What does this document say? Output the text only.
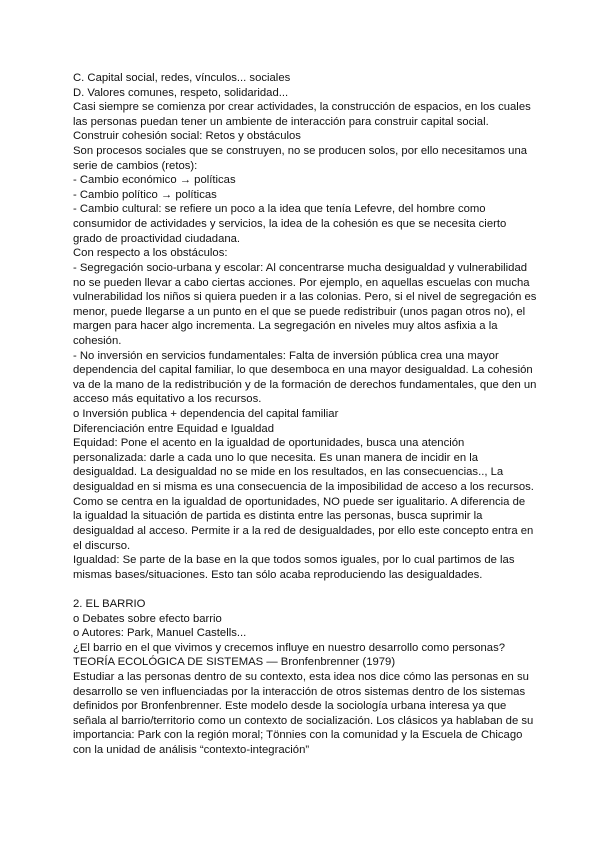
C. Capital social, redes, vínculos... sociales
D. Valores comunes, respeto, solidaridad...
Casi siempre se comienza por crear actividades, la construcción de espacios, en los cuales
las personas puedan tener un ambiente de interacción para construir capital social.
Construir cohesión social: Retos y obstáculos
Son procesos sociales que se construyen, no se producen solos, por ello necesitamos una
serie de cambios (retos):
- Cambio económico → políticas
- Cambio político → políticas
- Cambio cultural: se refiere un poco a la idea que tenía Lefevre, del hombre como
consumidor de actividades y servicios, la idea de la cohesión es que se necesita cierto
grado de proactividad ciudadana.
Con respecto a los obstáculos:
- Segregación socio-urbana y escolar: Al concentrarse mucha desigualdad y vulnerabilidad
no se pueden llevar a cabo ciertas acciones. Por ejemplo, en aquellas escuelas con mucha
vulnerabilidad los niños si quiera pueden ir a las colonias. Pero, si el nivel de segregación es
menor, puede llegarse a un punto en el que se puede redistribuir (unos pagan otros no), el
margen para hacer algo incrementa. La segregación en niveles muy altos asfixia a la
cohesión.
- No inversión en servicios fundamentales: Falta de inversión pública crea una mayor
dependencia del capital familiar, lo que desemboca en una mayor desigualdad. La cohesión
va de la mano de la redistribución y de la formación de derechos fundamentales, que den un
acceso más equitativo a los recursos.
o Inversión publica + dependencia del capital familiar
Diferenciación entre Equidad e Igualdad
Equidad: Pone el acento en la igualdad de oportunidades, busca una atención
personalizada: darle a cada uno lo que necesita. Es unan manera de incidir en la
desigualdad. La desigualdad no se mide en los resultados, en las consecuencias.., La
desigualdad en si misma es una consecuencia de la imposibilidad de acceso a los recursos.
Como se centra en la igualdad de oportunidades, NO puede ser igualitario. A diferencia de
la igualdad la situación de partida es distinta entre las personas, busca suprimir la
desigualdad al acceso. Permite ir a la red de desigualdades, por ello este concepto entra en
el discurso.
Igualdad: Se parte de la base en la que todos somos iguales, por lo cual partimos de las
mismas bases/situaciones. Esto tan sólo acaba reproduciendo las desigualdades.
2. EL BARRIO
o Debates sobre efecto barrio
o Autores: Park, Manuel Castells...
¿El barrio en el que vivimos y crecemos influye en nuestro desarrollo como personas?
TEORÍA ECOLÓGICA DE SISTEMAS — Bronfenbrenner (1979)
Estudiar a las personas dentro de su contexto, esta idea nos dice cómo las personas en su
desarrollo se ven influenciadas por la interacción de otros sistemas dentro de los sistemas
definidos por Bronfenbrenner. Este modelo desde la sociología urbana interesa ya que
señala al barrio/territorio como un contexto de socialización. Los clásicos ya hablaban de su
importancia: Park con la región moral; Tönnies con la comunidad y la Escuela de Chicago
con la unidad de análisis “contexto-integración”
